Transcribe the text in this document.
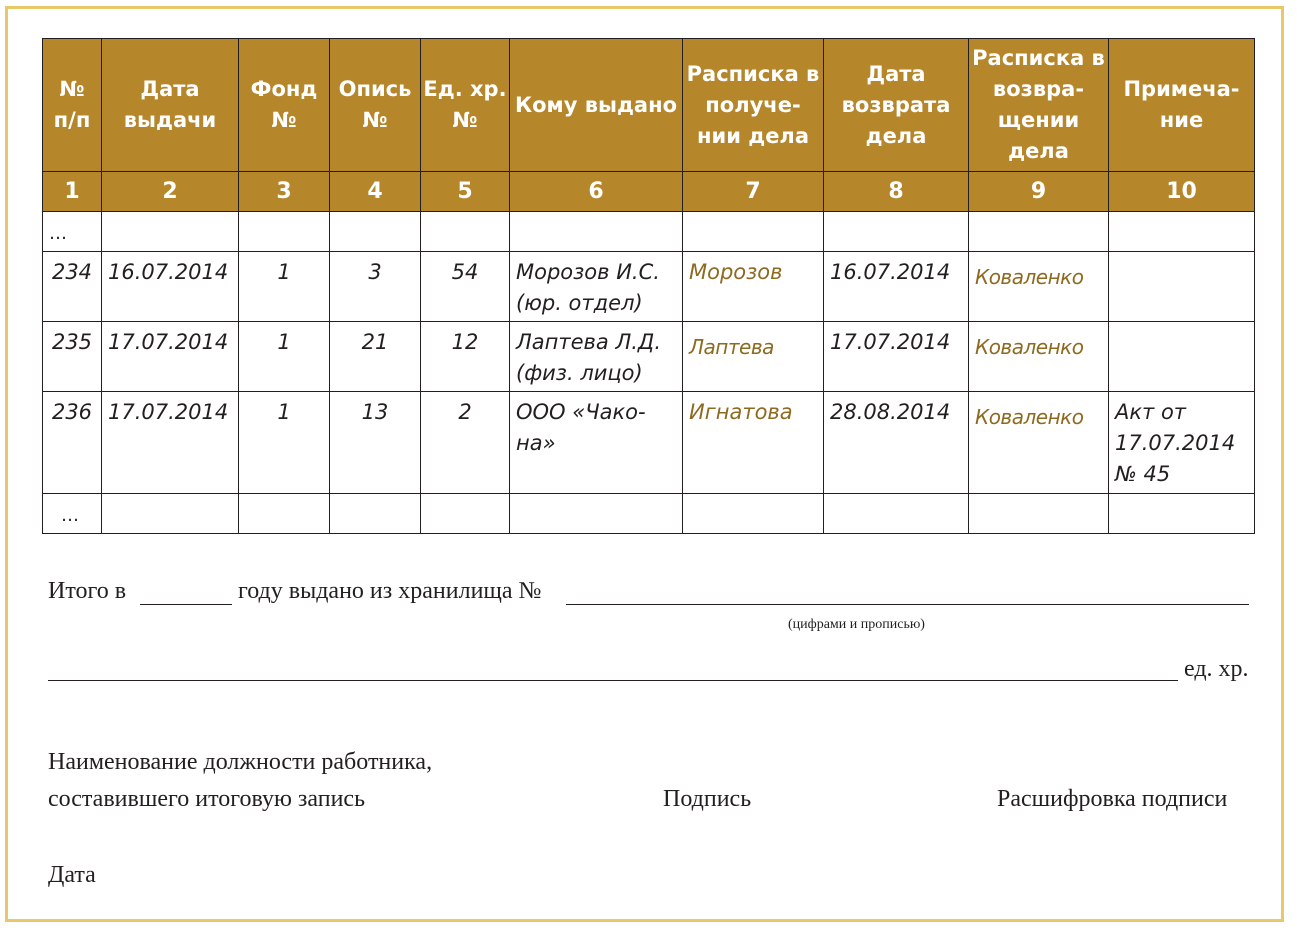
№ п/п	Дата выдачи	Фонд №	Опись №	Ед. хр. №	Кому выдано	Расписка в получе- нии дела	Дата возврата дела	Расписка в возвра- щении дела	Примеча- ние
1	2	3	4	5	6	7	8	9	10
…									
234	16.07.2014	1	3	54	Морозов И.С. (юр. отдел)	Морозов	16.07.2014	Коваленко	
235	17.07.2014	1	21	12	Лаптева Л.Д. (физ. лицо)	Лаптева	17.07.2014	Коваленко	
236	17.07.2014	1	13	2	ООО «Чако- на»	Игнатова	28.08.2014	Коваленко	Акт от 17.07.2014 № 45
…									
Итого в	году выдано из хранилища №
(цифрами и прописью)
ед. хр.
Наименование должности работника,
составившего итоговую запись	Подпись	Расшифровка подписи
Дата
